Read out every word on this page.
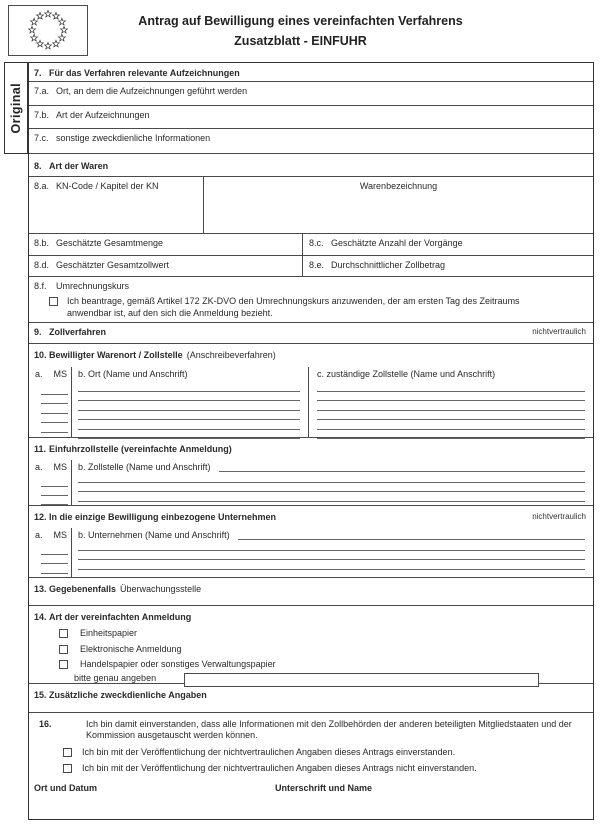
Antrag auf Bewilligung eines vereinfachten Verfahrens
Zusatzblatt - EINFUHR
Original
7. Für das Verfahren relevante Aufzeichnungen
7.a. Ort, an dem die Aufzeichnungen geführt werden
7.b. Art der Aufzeichnungen
7.c. sonstige zweckdienliche Informationen
8. Art der Waren
8.a. KN-Code / Kapitel der KN	Warenbezeichnung
8.b. Geschätzte Gesamtmenge	8.c. Geschätzte Anzahl der Vorgänge
8.d. Geschätzter Gesamtzollwert	8.e. Durchschnittlicher Zollbetrag
8.f.	Umrechnungskurs
Ich beantrage, gemäß Artikel 172 ZK-DVO den Umrechnungskurs anzuwenden, der am ersten Tag des Zeitraums anwendbar ist, auf den sich die Anmeldung bezieht.
9. Zollverfahren	nichtvertraulich
10. Bewilligter Warenort / Zollstelle (Anschreibeverfahren)
a. MS b. Ort (Name und Anschrift)	c. zuständige Zollstelle (Name und Anschrift)
11. Einfuhrzollstelle (vereinfachte Anmeldung)
a. MS b. Zollstelle (Name und Anschrift)
12. In die einzige Bewilligung einbezogene Unternehmen	nichtvertraulich
a. MS b. Unternehmen (Name und Anschrift)
13. Gegebenenfalls Überwachungsstelle
14. Art der vereinfachten Anmeldung
Einheitspapier
Elektronische Anmeldung
Handelspapier oder sonstiges Verwaltungspapier
bitte genau angeben
15. Zusätzliche zweckdienliche Angaben
16.	Ich bin damit einverstanden, dass alle Informationen mit den Zollbehörden der anderen beteiligten Mitgliedstaaten und der Kommission ausgetauscht werden können.
Ich bin mit der Veröffentlichung der nichtvertraulichen Angaben dieses Antrags einverstanden.
Ich bin mit der Veröffentlichung der nichtvertraulichen Angaben dieses Antrags nicht einverstanden.
Ort und Datum	Unterschrift und Name
